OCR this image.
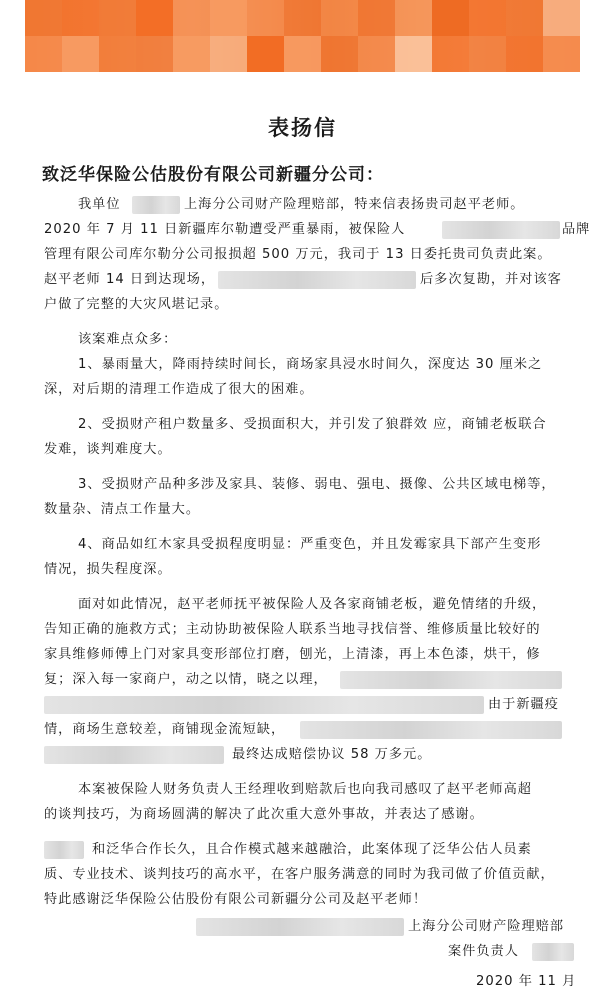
表扬信
致泛华保险公估股份有限公司新疆分公司：
我单位	上海分公司财产险理赔部，特来信表扬贵司赵平老师。
2020 年 7 月 11 日新疆库尔勒遭受严重暴雨，被保险人	品牌
管理有限公司库尔勒分公司报损超 500 万元，我司于 13 日委托贵司负责此案。
赵平老师 14 日到达现场，	后多次复勘，并对该客
户做了完整的大灾风堪记录。
该案难点众多：
1、暴雨量大，降雨持续时间长，商场家具浸水时间久，深度达 30 厘米之
深，对后期的清理工作造成了很大的困难。
2、受损财产租户数量多、受损面积大，并引发了狼群效 应，商铺老板联合
发难，谈判难度大。
3、受损财产品种多涉及家具、装修、弱电、强电、摄像、公共区域电梯等，
数量杂、清点工作量大。
4、商品如红木家具受损程度明显：严重变色，并且发霉家具下部产生变形
情况，损失程度深。
面对如此情况，赵平老师抚平被保险人及各家商铺老板，避免情绪的升级，
告知正确的施救方式；主动协助被保险人联系当地寻找信誉、维修质量比较好的
家具维修师傅上门对家具变形部位打磨，刨光，上清漆，再上本色漆，烘干，修
复；深入每一家商户，动之以情，晓之以理，
由于新疆疫
情，商场生意较差，商铺现金流短缺，
最终达成赔偿协议 58 万多元。
本案被保险人财务负责人王经理收到赔款后也向我司感叹了赵平老师高超
的谈判技巧，为商场圆满的解决了此次重大意外事故，并表达了感谢。
和泛华合作长久，且合作模式越来越融洽，此案体现了泛华公估人员素
质、专业技术、谈判技巧的高水平，在客户服务满意的同时为我司做了价值贡献，
特此感谢泛华保险公估股份有限公司新疆分公司及赵平老师！
上海分公司财产险理赔部
案件负责人
2020 年 11 月
